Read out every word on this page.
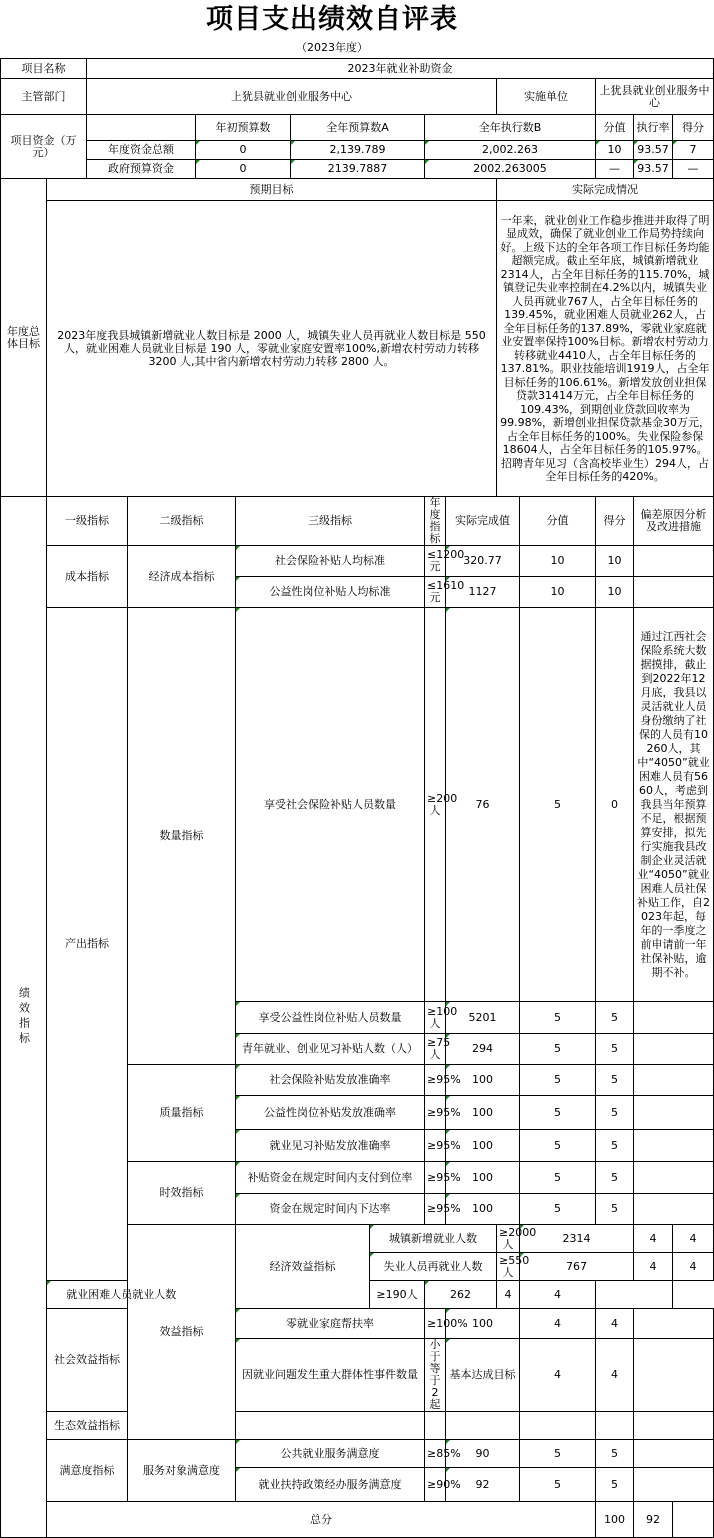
项目支出绩效自评表
（2023年度）
项目名称		2023年就业补助资金													
主管部门		上犹县就业创业服务中心								实施单位		上犹县就业创业服务中心			
项目资金（万元）				年初预算数		全年预算数A		全年执行数B				分值	执行率	得分	
		年度资金总额		0		2,139.789		2,002.263				10	93.57	7	
		政府预算资金		0		2139.7887		2002.263005				—	93.57	—	
年度总体目标	预期目标									实际完成情况					
	2023年度我县城镇新增就业人数目标是 2000 人，城镇失业人员再就业人数目标是 550人，就业困难人员就业目标是 190 人，零就业家庭安置率100%,新增农村劳动力转移 3200 人,其中省内新增农村劳动力转移 2800 人。									一年来，就业创业工作稳步推进并取得了明显成效，确保了就业创业工作局势持续向好。上级下达的全年各项工作目标任务均能超额完成。截止至年底，城镇新增就业2314人，占全年目标任务的115.70%，城镇登记失业率控制在4.2%以内，城镇失业人员再就业767人，占全年目标任务的139.45%，就业困难人员就业262人，占全年目标任务的137.89%，零就业家庭就业安置率保持100%目标。新增农村劳动力转移就业4410人，占全年目标任务的137.81%。职业技能培训1919人，占全年目标任务的106.61%。新增发放创业担保贷款31414万元，占全年目标任务的109.43%，到期创业贷款回收率为99.98%，新增创业担保贷款基金30万元，占全年目标任务的100%。失业保险参保18604人，占全年目标任务的105.97%。招聘青年见习（含高校毕业生）294人，占全年目标任务的420%。					
绩效指标	一级指标		二级指标		三级指标			年度指标	实际完成值		分值	得分	偏差原因分析及改进措施		
	成本指标		经济成本指标		社会保险补贴人均标准			≤1200元	320.77		10	10			
					公益性岗位补贴人均标准			≤1610元	1127		10	10			
	产出指标		数量指标		享受社会保险补贴人员数量			≥200人	76		5	0	通过江西社会保险系统大数据摸排，截止到2022年12月底，我县以灵活就业人员身份缴纳了社保的人员有10260人，其中“4050”就业困难人员有5660人，考虑到我县当年预算不足，根据预算安排，拟先行实施我县改制企业灵活就业“4050”就业困难人员社保补贴工作，自2023年起，每年的一季度之前申请前一年社保补贴，逾期不补。		
					享受公益性岗位补贴人员数量			≥100人	5201		5	5			
					青年就业、创业见习补贴人数（人）			≥75人	294		5	5			
			质量指标		社会保险补贴发放准确率			≥95%	100		5	5			
					公益性岗位补贴发放准确率			≥95%	100		5	5			
					就业见习补贴发放准确率			≥95%	100		5	5			
			时效指标		补贴资金在规定时间内支付到位率			≥95%	100		5	5			
					资金在规定时间内下达率			≥95%	100		5	5			
			效益指标		经济效益指标		城镇新增就业人数			≥2000人	2314		4	4	
							失业人员再就业人数			≥550人	767		4	4	
	就业困难人员就业人数						≥190人	262		4	4				
	社会效益指标				零就业家庭帮扶率			≥100%	100		4	4			
					因就业问题发生重大群体性事件数量			小于等于2起	基本达成目标		4	4			
	生态效益指标														
	满意度指标		服务对象满意度		公共就业服务满意度			≥85%	90		5	5			
					就业扶持政策经办服务满意度			≥90%	92		5	5			
	总分											100	92		
